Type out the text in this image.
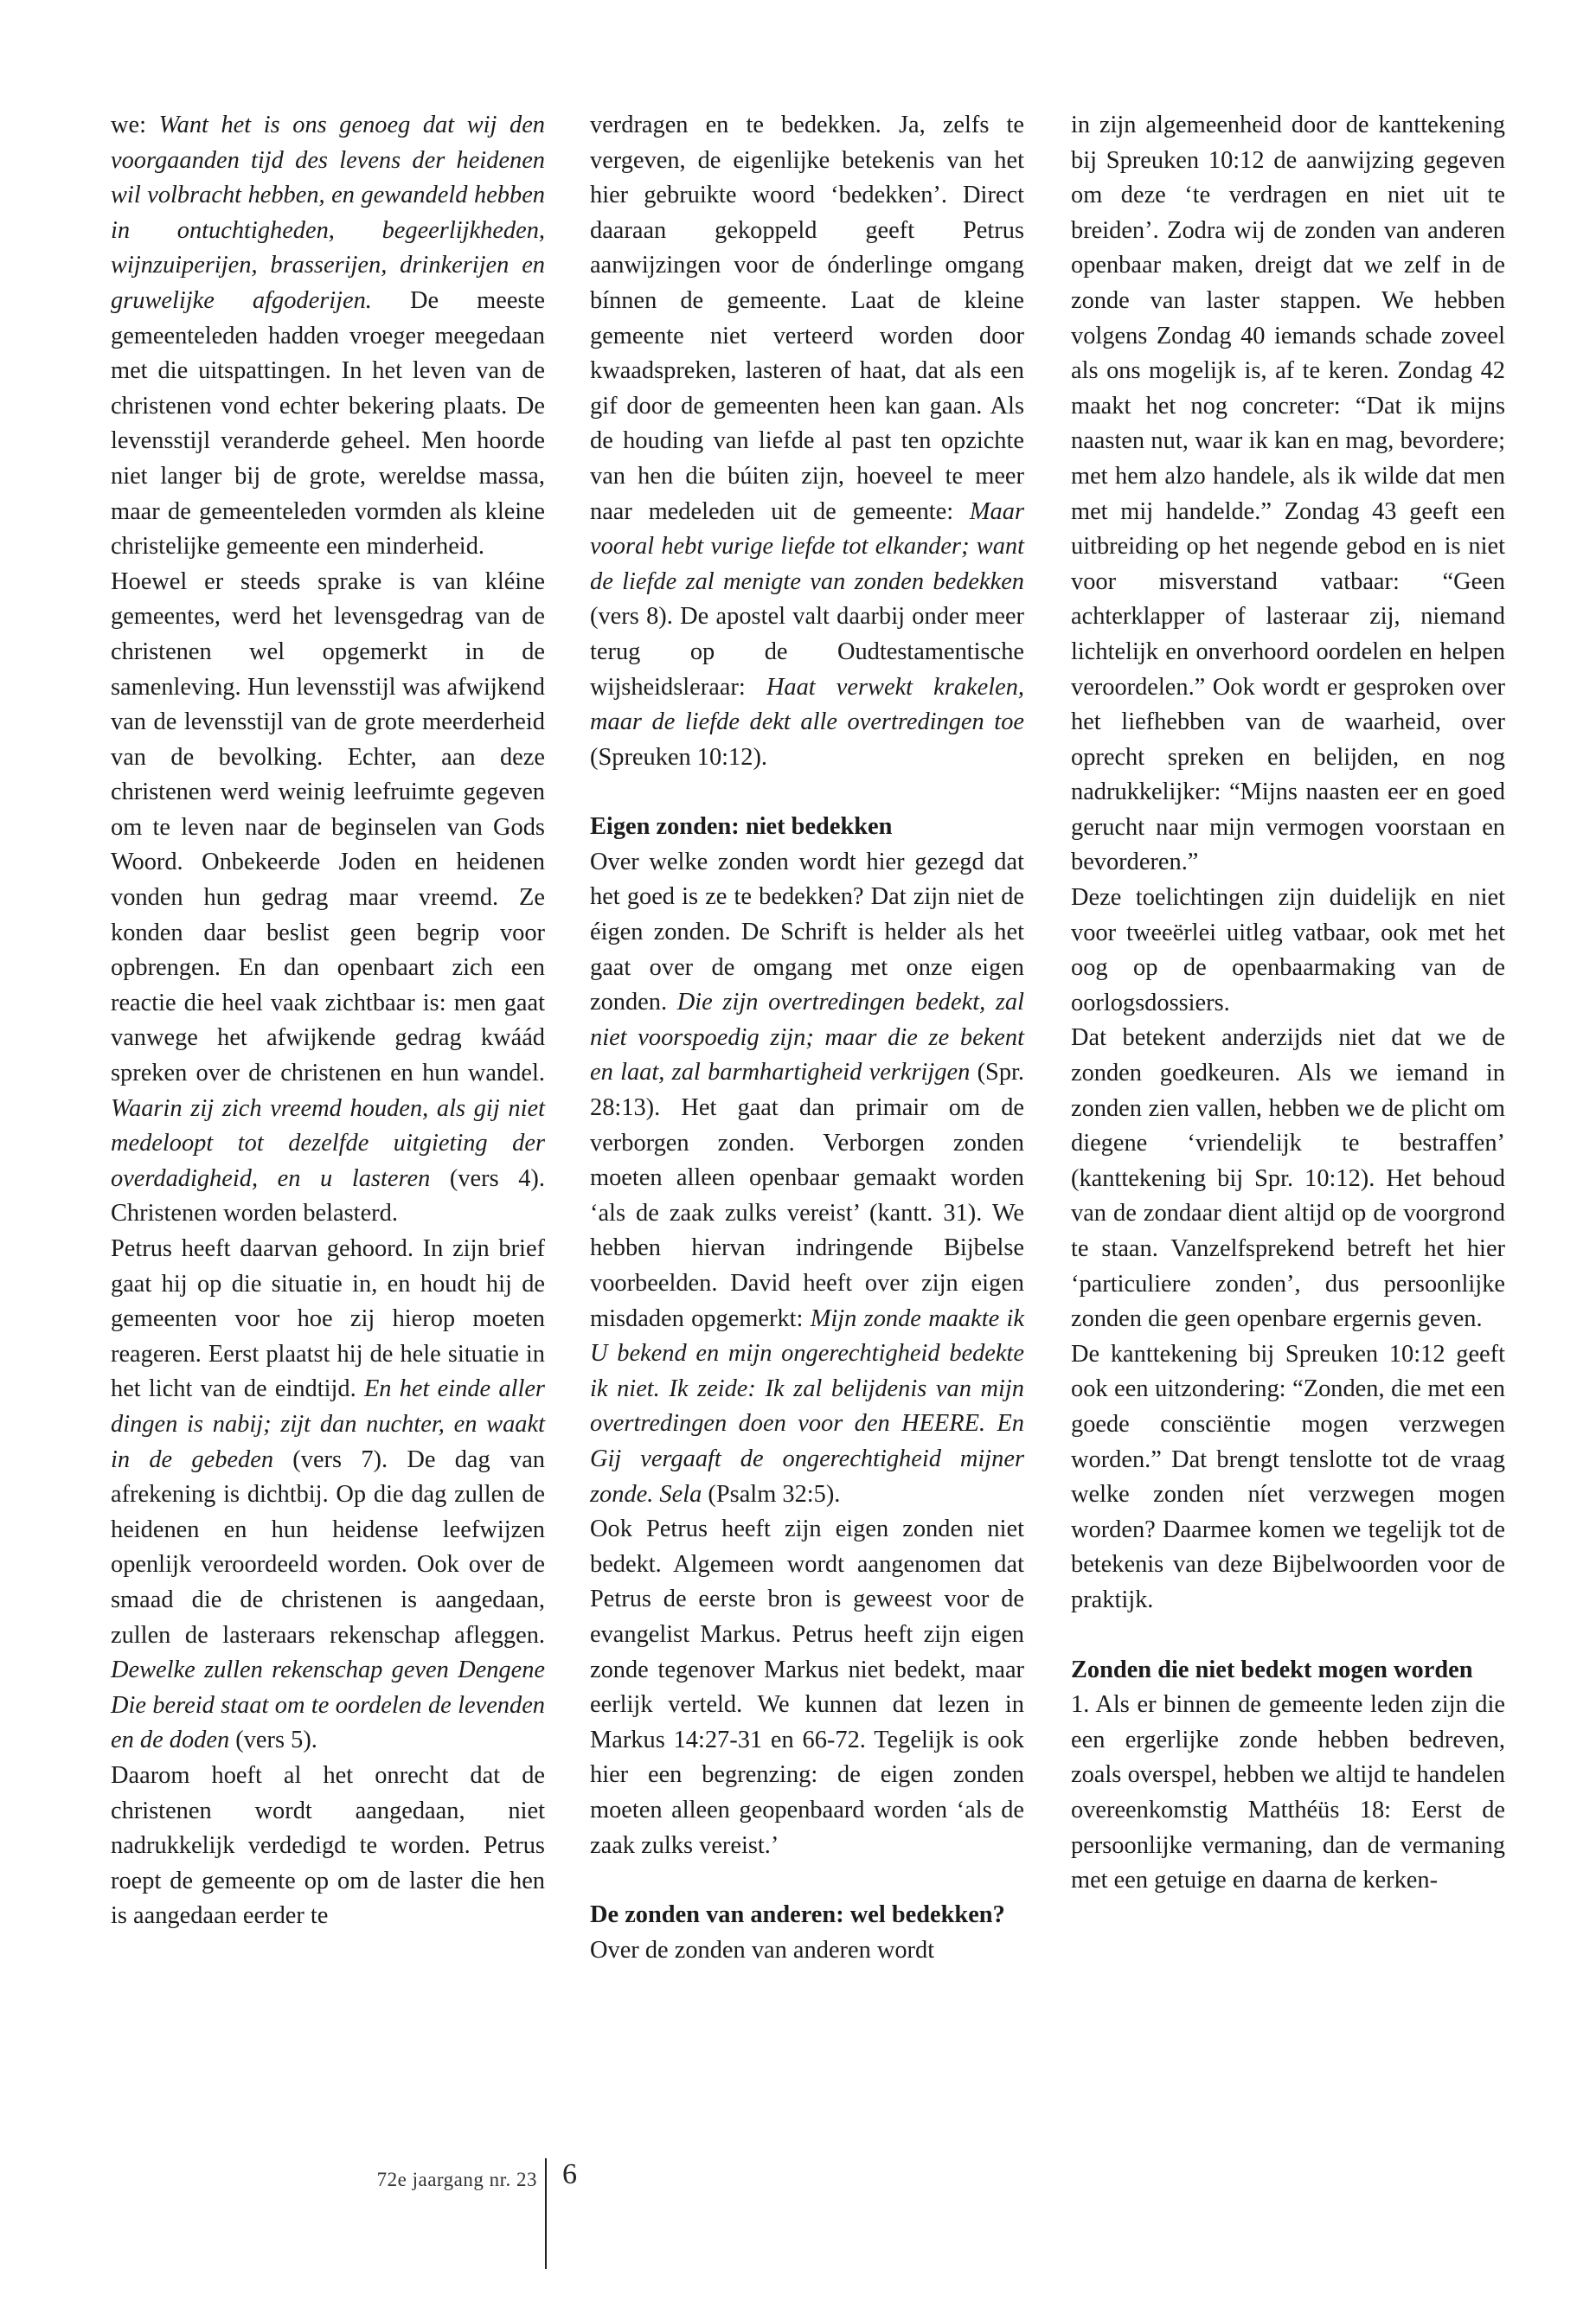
we: Want het is ons genoeg dat wij den voorgaanden tijd des levens der heidenen wil volbracht hebben, en gewandeld hebben in ontuchtigheden, begeerlijkheden, wijnzuiperijen, brasserijen, drinkerijen en gruwelijke afgoderijen. De meeste gemeenteleden hadden vroeger meegedaan met die uitspattingen. In het leven van de christenen vond echter bekering plaats. De levensstijl veranderde geheel. Men hoorde niet langer bij de grote, wereldse massa, maar de gemeenteleden vormden als kleine christelijke gemeente een minderheid.

Hoewel er steeds sprake is van kléine gemeentes, werd het levensgedrag van de christenen wel opgemerkt in de samenleving. Hun levensstijl was afwijkend van de levensstijl van de grote meerderheid van de bevolking. Echter, aan deze christenen werd weinig leefruimte gegeven om te leven naar de beginselen van Gods Woord. Onbekeerde Joden en heidenen vonden hun gedrag maar vreemd. Ze konden daar beslist geen begrip voor opbrengen. En dan openbaart zich een reactie die heel vaak zichtbaar is: men gaat vanwege het afwijkende gedrag kwáád spreken over de christenen en hun wandel. Waarin zij zich vreemd houden, als gij niet medeloopt tot dezelfde uitgieting der overdadigheid, en u lasteren (vers 4). Christenen worden belasterd.

Petrus heeft daarvan gehoord. In zijn brief gaat hij op die situatie in, en houdt hij de gemeenten voor hoe zij hierop moeten reageren. Eerst plaatst hij de hele situatie in het licht van de eindtijd. En het einde aller dingen is nabij; zijt dan nuchter, en waakt in de gebeden (vers 7). De dag van afrekening is dichtbij. Op die dag zullen de heidenen en hun heidense leefwijzen openlijk veroordeeld worden. Ook over de smaad die de christenen is aangedaan, zullen de lasteraars rekenschap afleggen. Dewelke zullen rekenschap geven Dengene Die bereid staat om te oordelen de levenden en de doden (vers 5).

Daarom hoeft al het onrecht dat de christenen wordt aangedaan, niet nadrukkelijk verdedigd te worden. Petrus roept de gemeente op om de laster die hen is aangedaan eerder te

verdragen en te bedekken. Ja, zelfs te vergeven, de eigenlijke betekenis van het hier gebruikte woord ‘bedekken’. Direct daaraan gekoppeld geeft Petrus aanwijzingen voor de ónderlinge omgang bínnen de gemeente. Laat de kleine gemeente niet verteerd worden door kwaadspreken, lasteren of haat, dat als een gif door de gemeenten heen kan gaan. Als de houding van liefde al past ten opzichte van hen die búiten zijn, hoeveel te meer naar medeleden uit de gemeente: Maar vooral hebt vurige liefde tot elkander; want de liefde zal menigte van zonden bedekken (vers 8). De apostel valt daarbij onder meer terug op de Oudtestamentische wijsheidsleraar: Haat verwekt krakelen, maar de liefde dekt alle overtredingen toe (Spreuken 10:12).

Eigen zonden: niet bedekken

Over welke zonden wordt hier gezegd dat het goed is ze te bedekken? Dat zijn niet de éigen zonden. De Schrift is helder als het gaat over de omgang met onze eigen zonden. Die zijn overtredingen bedekt, zal niet voorspoedig zijn; maar die ze bekent en laat, zal barmhartigheid verkrijgen (Spr. 28:13). Het gaat dan primair om de verborgen zonden. Verborgen zonden moeten alleen openbaar gemaakt worden ‘als de zaak zulks vereist’ (kantt. 31). We hebben hiervan indringende Bijbelse voorbeelden. David heeft over zijn eigen misdaden opgemerkt: Mijn zonde maakte ik U bekend en mijn ongerechtigheid bedekte ik niet. Ik zeide: Ik zal belijdenis van mijn overtredingen doen voor den HEERE. En Gij vergaaft de ongerechtigheid mijner zonde. Sela (Psalm 32:5).

Ook Petrus heeft zijn eigen zonden niet bedekt. Algemeen wordt aangenomen dat Petrus de eerste bron is geweest voor de evangelist Markus. Petrus heeft zijn eigen zonde tegenover Markus niet bedekt, maar eerlijk verteld. We kunnen dat lezen in Markus 14:27-31 en 66-72. Tegelijk is ook hier een begrenzing: de eigen zonden moeten alleen geopenbaard worden ‘als de zaak zulks vereist.’

De zonden van anderen: wel bedekken?

Over de zonden van anderen wordt

in zijn algemeenheid door de kanttekening bij Spreuken 10:12 de aanwijzing gegeven om deze ‘te verdragen en niet uit te breiden’. Zodra wij de zonden van anderen openbaar maken, dreigt dat we zelf in de zonde van laster stappen. We hebben volgens Zondag 40 iemands schade zoveel als ons mogelijk is, af te keren. Zondag 42 maakt het nog concreter: “Dat ik mijns naasten nut, waar ik kan en mag, bevordere; met hem alzo handele, als ik wilde dat men met mij handelde.” Zondag 43 geeft een uitbreiding op het negende gebod en is niet voor misverstand vatbaar: “Geen achterklapper of lasteraar zij, niemand lichtelijk en onverhoord oordelen en helpen veroordelen.” Ook wordt er gesproken over het liefhebben van de waarheid, over oprecht spreken en belijden, en nog nadrukkelijker: “Mijns naasten eer en goed gerucht naar mijn vermogen voorstaan en bevorderen.”

Deze toelichtingen zijn duidelijk en niet voor tweeërlei uitleg vatbaar, ook met het oog op de openbaarmaking van de oorlogsdossiers.

Dat betekent anderzijds niet dat we de zonden goedkeuren. Als we iemand in zonden zien vallen, hebben we de plicht om diegene ‘vriendelijk te bestraffen’ (kanttekening bij Spr. 10:12). Het behoud van de zondaar dient altijd op de voorgrond te staan. Vanzelfsprekend betreft het hier ‘particuliere zonden’, dus persoonlijke zonden die geen openbare ergernis geven.

De kanttekening bij Spreuken 10:12 geeft ook een uitzondering: “Zonden, die met een goede consciëntie mogen verzwegen worden.” Dat brengt tenslotte tot de vraag welke zonden níet verzwegen mogen worden? Daarmee komen we tegelijk tot de betekenis van deze Bijbelwoorden voor de praktijk.

Zonden die niet bedekt mogen worden

1. Als er binnen de gemeente leden zijn die een ergerlijke zonde hebben bedreven, zoals overspel, hebben we altijd te handelen overeenkomstig Matthéüs 18: Eerst de persoonlijke vermaning, dan de vermaning met een getuige en daarna de kerken-

72e jaargang nr. 23 6
